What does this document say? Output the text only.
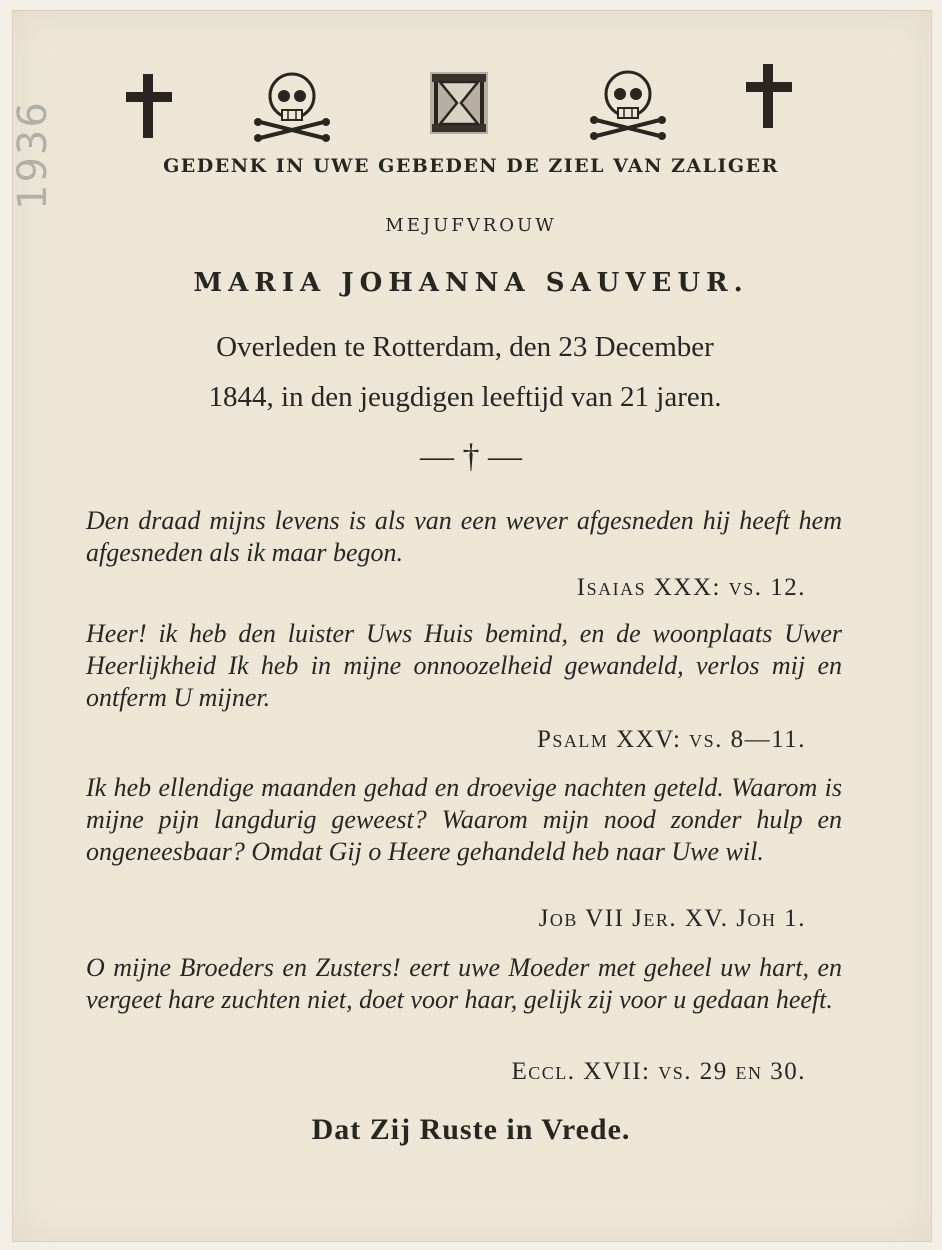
1936	GEDENK IN UWE GEBEDEN DE ZIEL VAN ZALIGER
MEJUFVROUW
MARIA JOHANNA SAUVEUR.
Overleden te Rotterdam, den 23 December
1844, in den jeugdigen leeftijd van 21 jaren.
— † —
Den draad mijns levens is als van een wever afgesneden hij heeft hem afgesneden als ik maar begon.
Isaias XXX: vs. 12.
Heer! ik heb den luister Uws Huis bemind, en de woonplaats Uwer Heerlijkheid Ik heb in mijne onnoozelheid gewandeld, verlos mij en ontferm U mijner.
Psalm XXV: vs. 8—11.
Ik heb ellendige maanden gehad en droevige nachten geteld. Waarom is mijne pijn langdurig geweest? Waarom mijn nood zonder hulp en ongeneesbaar? Omdat Gij o Heere gehandeld heb naar Uwe wil.
Job VII Jer. XV. Joh 1.
O mijne Broeders en Zusters! eert uwe Moeder met geheel uw hart, en vergeet hare zuchten niet, doet voor haar, gelijk zij voor u gedaan heeft.
Eccl. XVII: vs. 29 en 30.
Dat Zij Ruste in Vrede.
